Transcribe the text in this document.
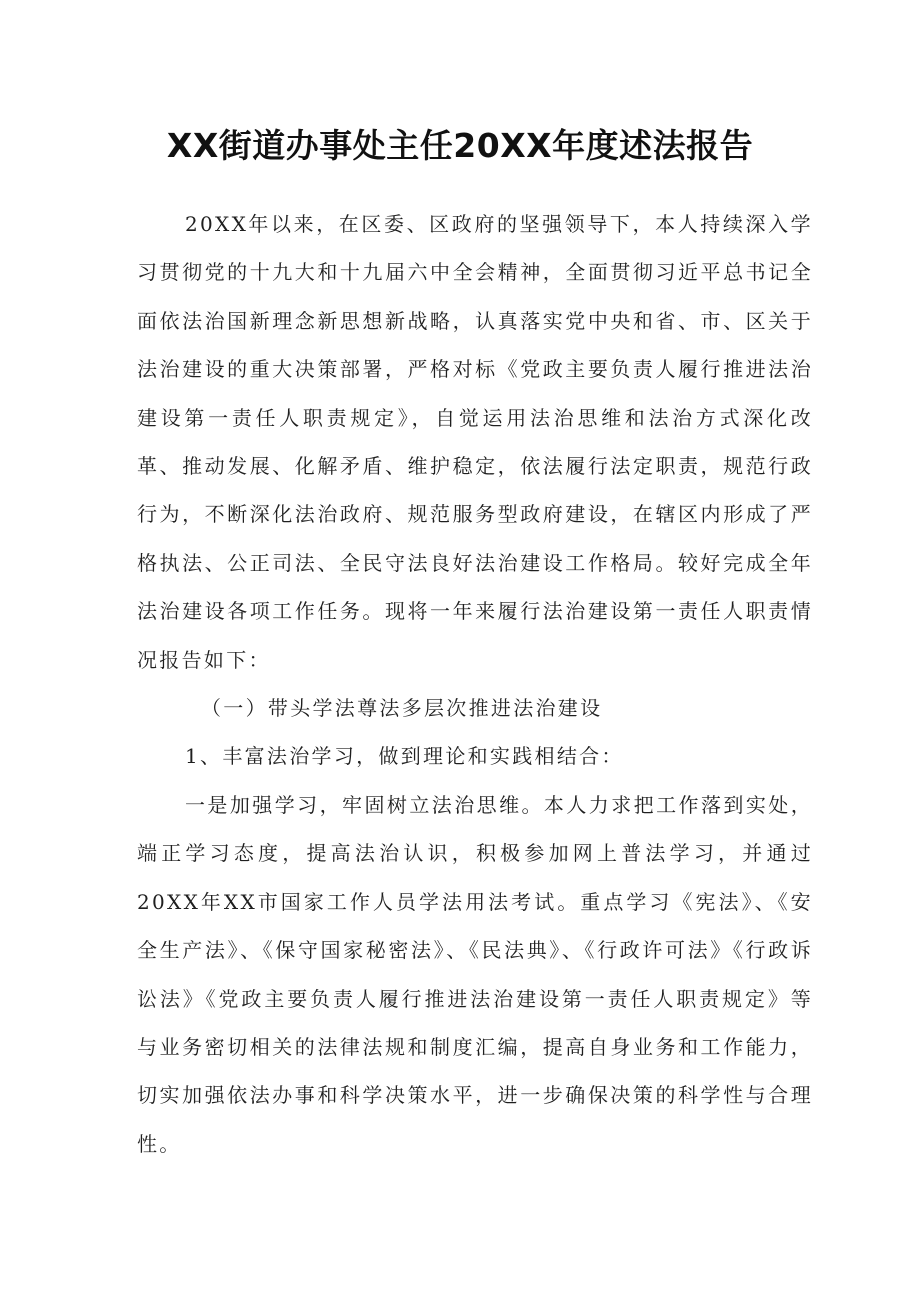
XX街道办事处主任20XX年度述法报告

20XX年以来，在区委、区政府的坚强领导下，本人持续深入学习贯彻党的十九大和十九届六中全会精神，全面贯彻习近平总书记全面依法治国新理念新思想新战略，认真落实党中央和省、市、区关于法治建设的重大决策部署，严格对标《党政主要负责人履行推进法治建设第一责任人职责规定》，自觉运用法治思维和法治方式深化改革、推动发展、化解矛盾、维护稳定，依法履行法定职责，规范行政行为，不断深化法治政府、规范服务型政府建设，在辖区内形成了严格执法、公正司法、全民守法良好法治建设工作格局。较好完成全年法治建设各项工作任务。现将一年来履行法治建设第一责任人职责情况报告如下：

（一）带头学法尊法多层次推进法治建设

1、丰富法治学习，做到理论和实践相结合：

一是加强学习，牢固树立法治思维。本人力求把工作落到实处，端正学习态度，提高法治认识，积极参加网上普法学习，并通过20XX年XX市国家工作人员学法用法考试。重点学习《宪法》、《安全生产法》、《保守国家秘密法》、《民法典》、《行政许可法》《行政诉讼法》《党政主要负责人履行推进法治建设第一责任人职责规定》等与业务密切相关的法律法规和制度汇编，提高自身业务和工作能力，切实加强依法办事和科学决策水平，进一步确保决策的科学性与合理性。
